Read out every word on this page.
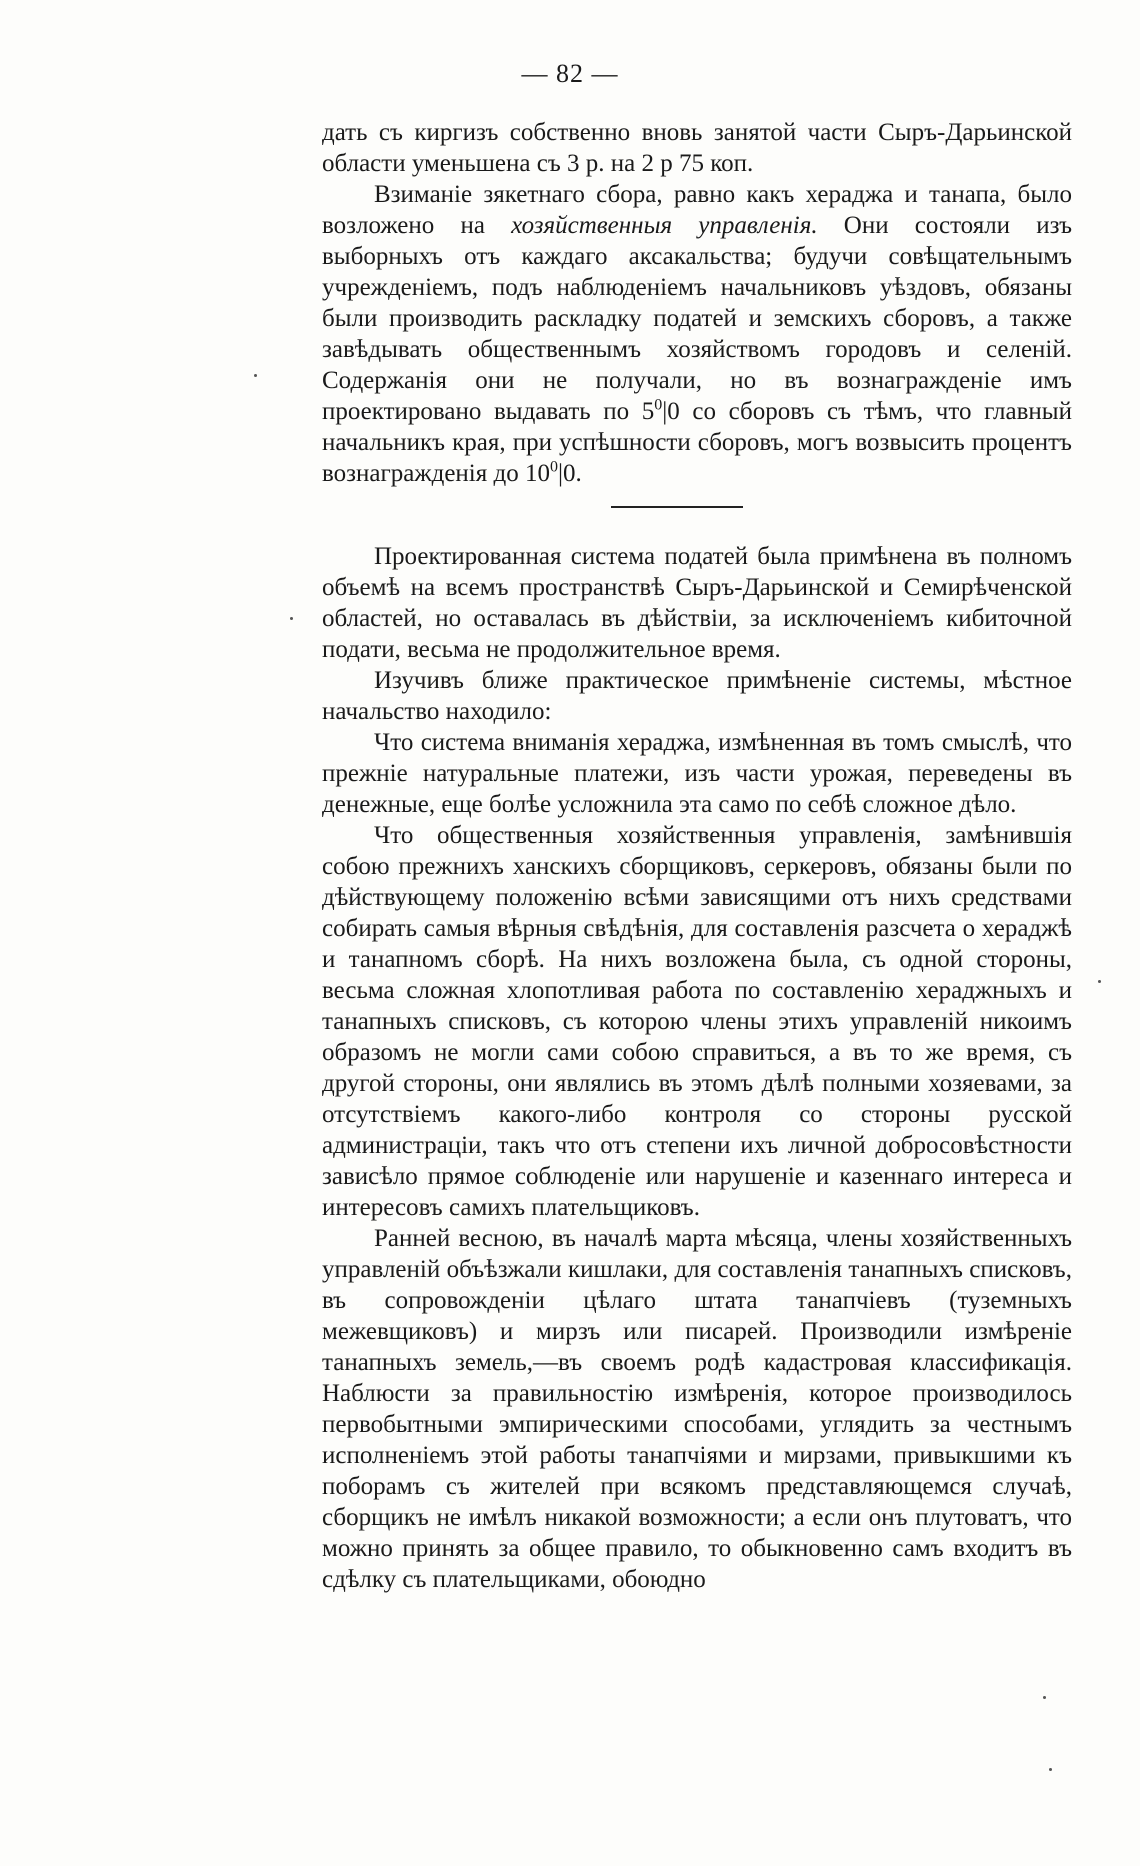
— 82 —

дать съ киргизъ собственно вновь занятой части Сыръ-Дарьинской области уменьшена съ 3 р. на 2 р 75 коп.

Взиманіе зякетнаго сбора, равно какъ хераджа и танапа, было возложено на хозяйственныя управленія. Они состояли изъ выборныхъ отъ каждаго аксакальства; будучи совѣщательнымъ учрежденіемъ, подъ наблюденіемъ начальниковъ уѣздовъ, обязаны были производить раскладку податей и земскихъ сборовъ, а также завѣдывать общественнымъ хозяйствомъ городовъ и селеній. Содержанія они не получали, но въ вознагражденіе имъ проектировано выдавать по $5^0|0$ со сборовъ съ тѣмъ, что главный начальникъ края, при успѣшности сборовъ, могъ возвысить процентъ вознагражденія до $10^0|0$.

Проектированная система податей была примѣнена въ полномъ объемѣ на всемъ пространствѣ Сыръ-Дарьинской и Семирѣченской областей, но оставалась въ дѣйствіи, за исключеніемъ кибиточной подати, весьма не продолжительное время.

Изучивъ ближе практическое примѣненіе системы, мѣстное начальство находило:

Что система вниманія хераджа, измѣненная въ томъ смыслѣ, что прежніе натуральные платежи, изъ части урожая, переведены въ денежные, еще болѣе усложнила эта само по себѣ сложное дѣло.

Что общественныя хозяйственныя управленія, замѣнившія собою прежнихъ ханскихъ сборщиковъ, серкеровъ, обязаны были по дѣйствующему положенію всѣми зависящими отъ нихъ средствами собирать самыя вѣрныя свѣдѣнія, для составленія разсчета о хераджѣ и танапномъ сборѣ. На нихъ возложена была, съ одной стороны, весьма сложная хлопотливая работа по составленію хераджныхъ и танапныхъ списковъ, съ которою члены этихъ управленій никоимъ образомъ не могли сами собою справиться, а въ то же время, съ другой стороны, они являлись въ этомъ дѣлѣ полными хозяевами, за отсутствіемъ какого-либо контроля со стороны русской администраціи, такъ что отъ степени ихъ личной добросовѣстности зависѣло прямое соблюденіе или нарушеніе и казеннаго интереса и интересовъ самихъ плательщиковъ.

Ранней весною, въ началѣ марта мѣсяца, члены хозяйственныхъ управленій объѣзжали кишлаки, для составленія танапныхъ списковъ, въ сопровожденіи цѣлаго штата танапчіевъ (туземныхъ межевщиковъ) и мирзъ или писарей. Производили измѣреніе танапныхъ земель,—въ своемъ родѣ кадастровая классификація. Наблюсти за правильностію измѣренія, которое производилось первобытными эмпирическими способами, углядить за честнымъ исполненіемъ этой работы танапчіями и мирзами, привыкшими къ поборамъ съ жителей при всякомъ представляющемся случаѣ, сборщикъ не имѣлъ никакой возможности; а если онъ плутоватъ, что можно принять за общее правило, то обыкновенно самъ входитъ въ сдѣлку съ плательщиками, обоюдно
